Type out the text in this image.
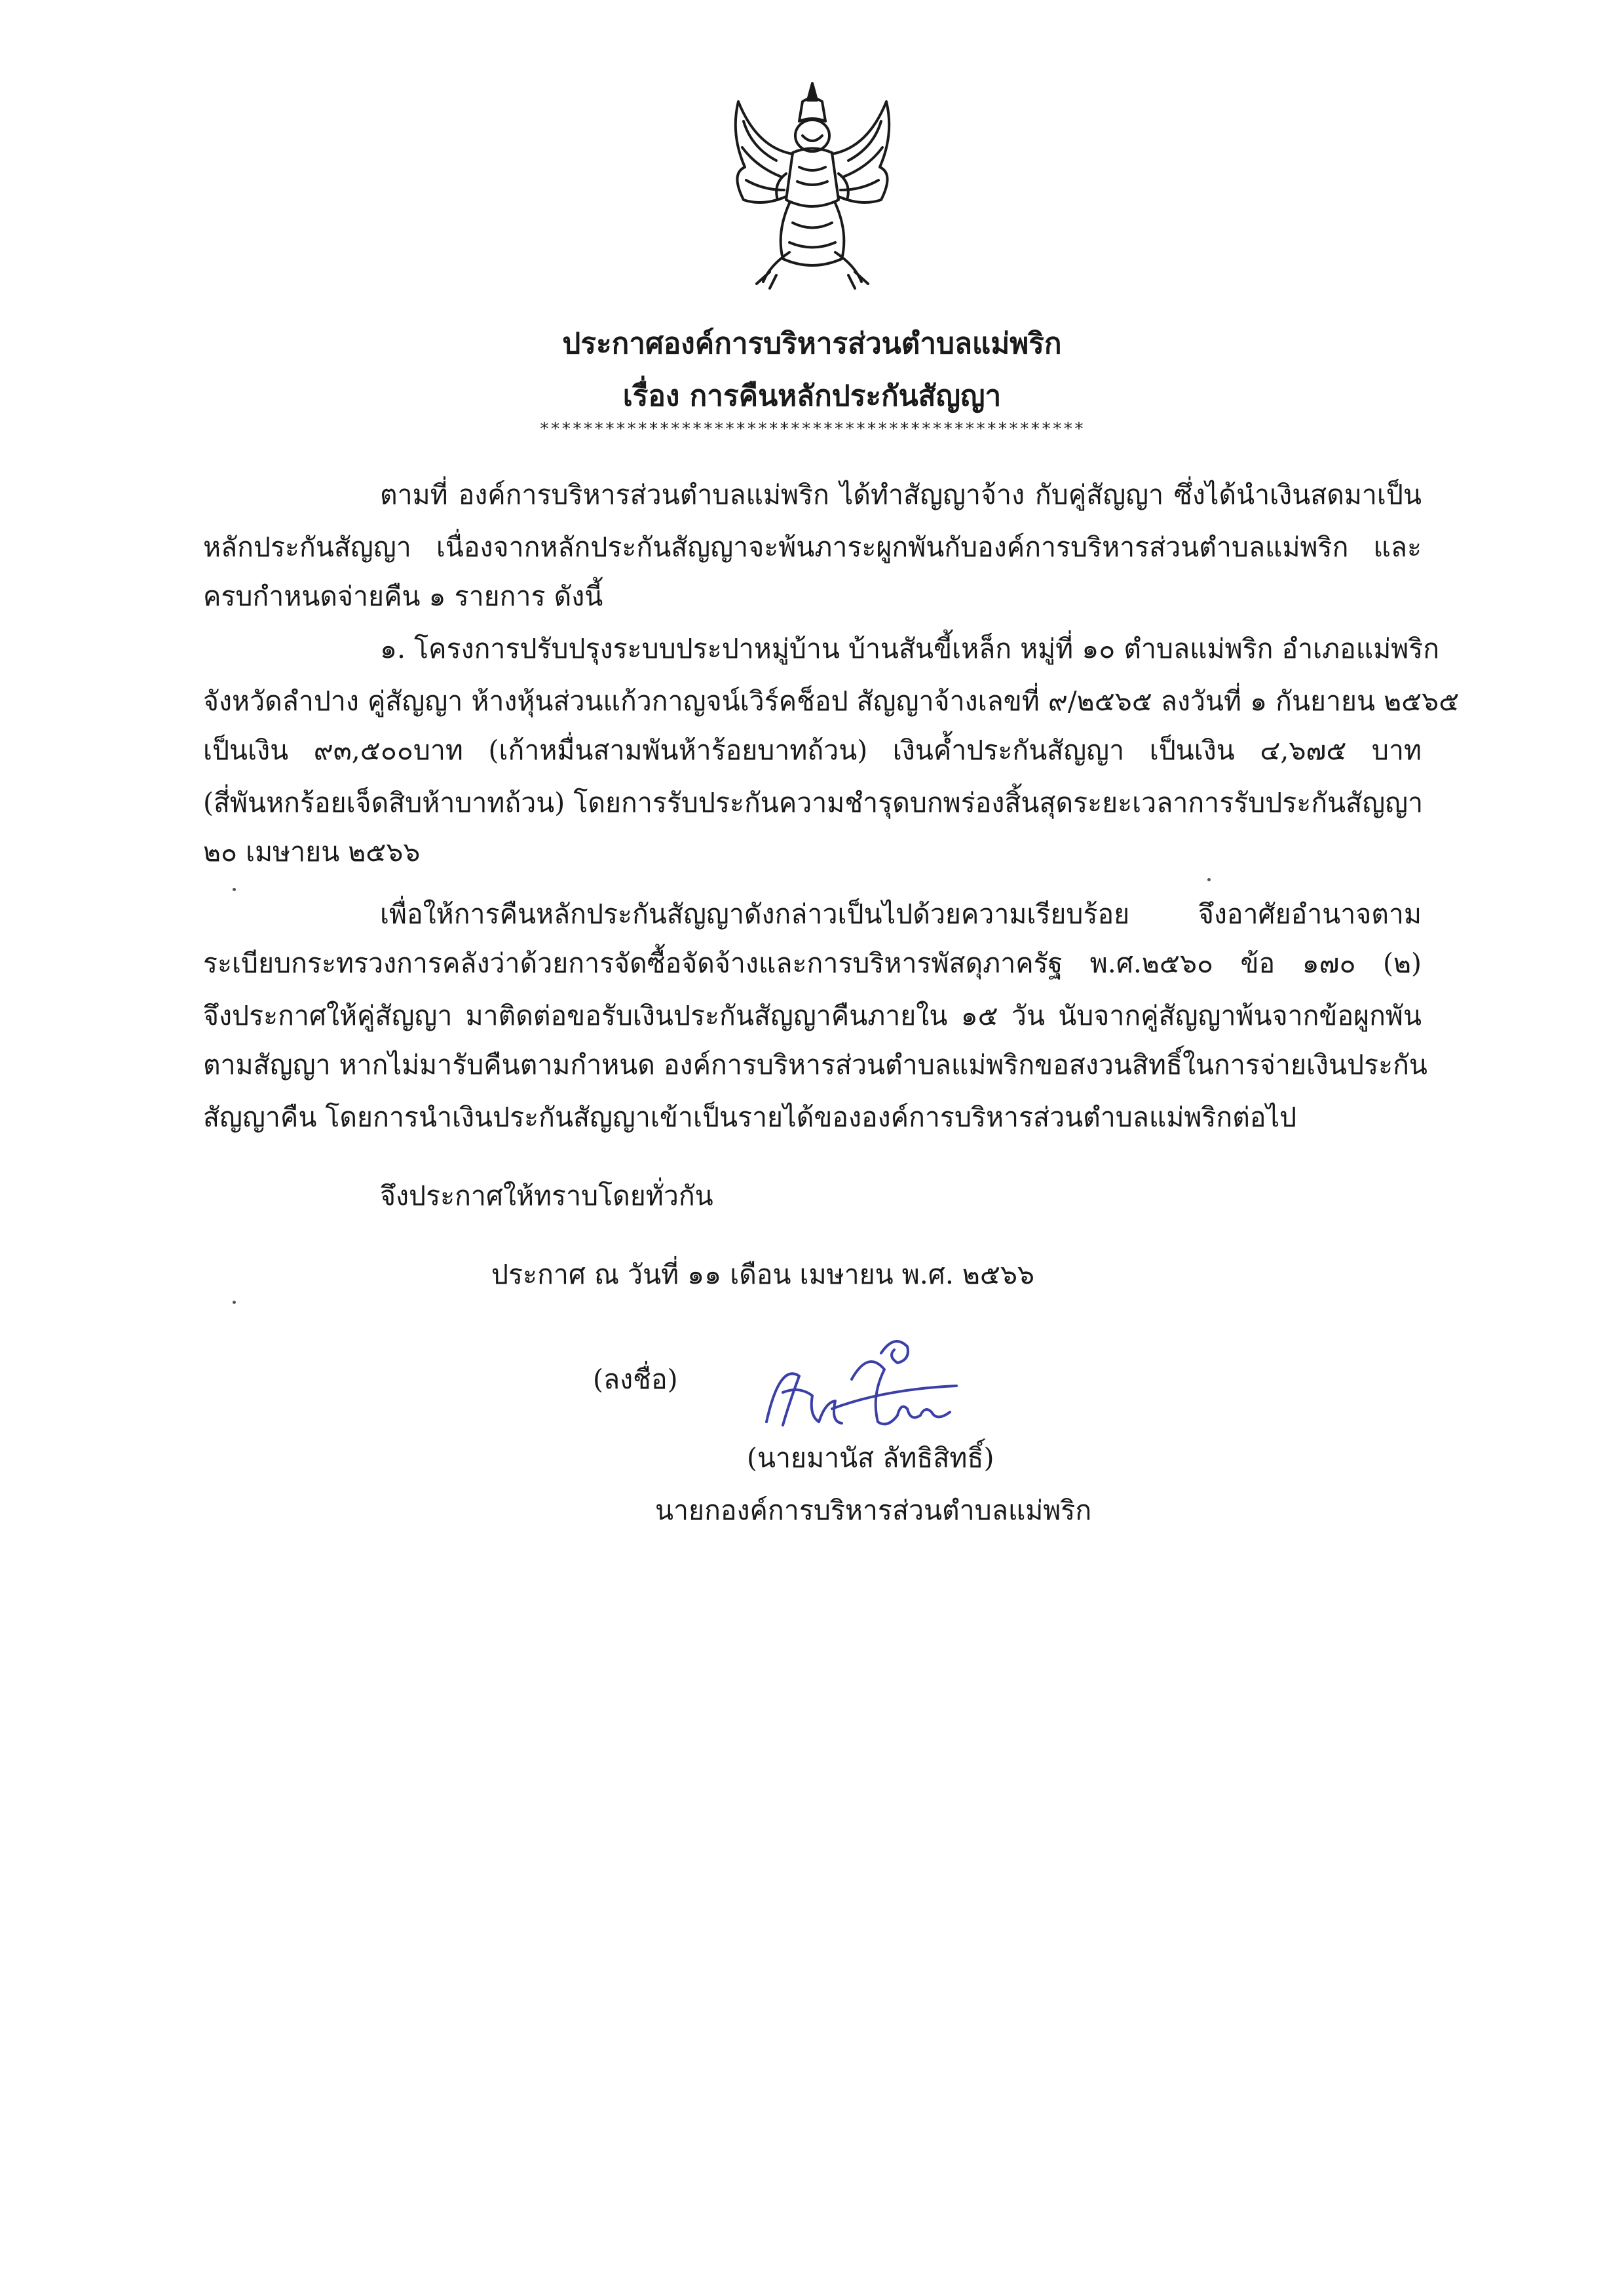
ประกาศองค์การบริหารส่วนตำบลแม่พริก
เรื่อง การคืนหลักประกันสัญญา
**************************************************
ตามที่ องค์การบริหารส่วนตำบลแม่พริก ได้ทำสัญญาจ้าง กับคู่สัญญา ซึ่งได้นำเงินสดมาเป็น
หลักประกันสัญญา เนื่องจากหลักประกันสัญญาจะพ้นภาระผูกพันกับองค์การบริหารส่วนตำบลแม่พริก และ
ครบกำหนดจ่ายคืน ๑ รายการ ดังนี้
๑. โครงการปรับปรุงระบบประปาหมู่บ้าน บ้านสันขี้เหล็ก หมู่ที่ ๑๐ ตำบลแม่พริก อำเภอแม่พริก
จังหวัดลำปาง คู่สัญญา ห้างหุ้นส่วนแก้วกาญจน์เวิร์คช็อป สัญญาจ้างเลขที่ ๙/๒๕๖๕ ลงวันที่ ๑ กันยายน ๒๕๖๕
เป็นเงิน ๙๓,๕๐๐บาท (เก้าหมื่นสามพันห้าร้อยบาทถ้วน) เงินค้ำประกันสัญญา เป็นเงิน ๔,๖๗๕ บาท
(สี่พันหกร้อยเจ็ดสิบห้าบาทถ้วน) โดยการรับประกันความชำรุดบกพร่องสิ้นสุดระยะเวลาการรับประกันสัญญา
๒๐ เมษายน ๒๕๖๖
เพื่อให้การคืนหลักประกันสัญญาดังกล่าวเป็นไปด้วยความเรียบร้อย จึงอาศัยอำนาจตาม
ระเบียบกระทรวงการคลังว่าด้วยการจัดซื้อจัดจ้างและการบริหารพัสดุภาครัฐ พ.ศ.๒๕๖๐ ข้อ ๑๗๐ (๒)
จึงประกาศให้คู่สัญญา มาติดต่อขอรับเงินประกันสัญญาคืนภายใน ๑๕ วัน นับจากคู่สัญญาพ้นจากข้อผูกพัน
ตามสัญญา หากไม่มารับคืนตามกำหนด องค์การบริหารส่วนตำบลแม่พริกขอสงวนสิทธิ์ในการจ่ายเงินประกัน
สัญญาคืน โดยการนำเงินประกันสัญญาเข้าเป็นรายได้ขององค์การบริหารส่วนตำบลแม่พริกต่อไป
จึงประกาศให้ทราบโดยทั่วกัน
ประกาศ ณ วันที่ ๑๑ เดือน เมษายน พ.ศ. ๒๕๖๖
(ลงชื่อ)
(นายมานัส ลัทธิสิทธิ์)
นายกองค์การบริหารส่วนตำบลแม่พริก
